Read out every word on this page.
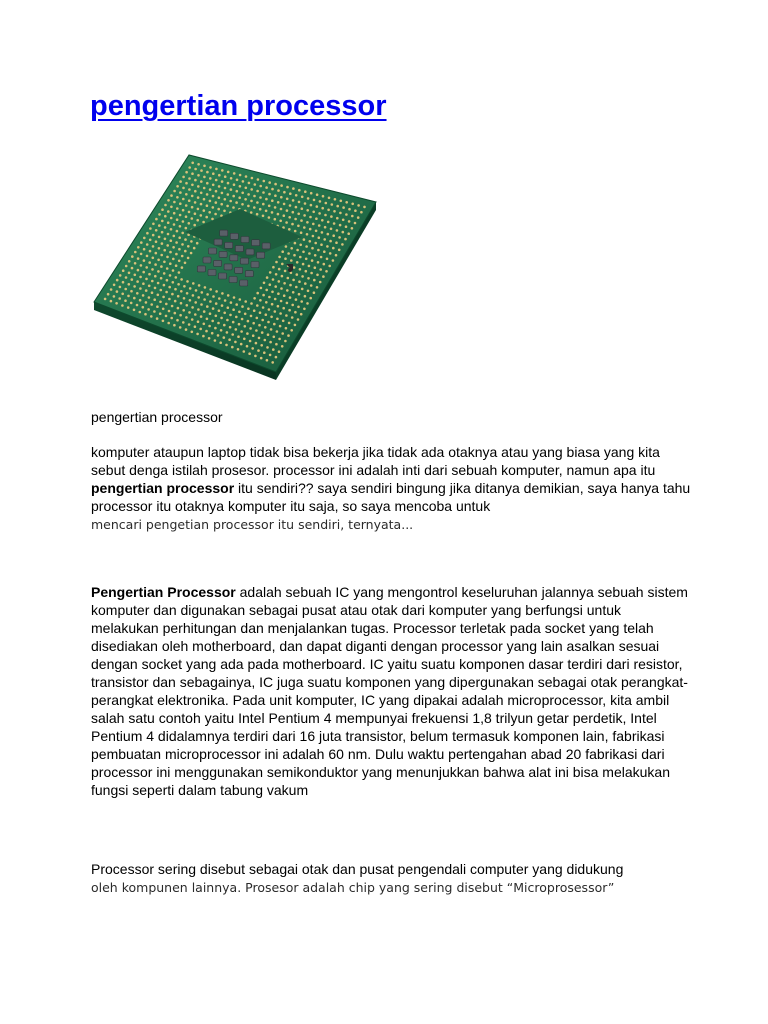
pengertian processor
pengertian processor

komputer ataupun laptop tidak bisa bekerja jika tidak ada otaknya atau yang biasa yang kita sebut denga istilah prosesor. processor ini adalah inti dari sebuah komputer, namun apa itu pengertian processor itu sendiri?? saya sendiri bingung jika ditanya demikian, saya hanya tahu processor itu otaknya komputer itu saja, so saya mencoba untuk
mencari pengetian processor itu sendiri, ternyata...

Pengertian Processor adalah sebuah IC yang mengontrol keseluruhan jalannya sebuah sistem komputer dan digunakan sebagai pusat atau otak dari komputer yang berfungsi untuk melakukan perhitungan dan menjalankan tugas. Processor terletak pada socket yang telah disediakan oleh motherboard, dan dapat diganti dengan processor yang lain asalkan sesuai dengan socket yang ada pada motherboard. IC yaitu suatu komponen dasar terdiri dari resistor, transistor dan sebagainya, IC juga suatu komponen yang dipergunakan sebagai otak perangkat-perangkat elektronika. Pada unit komputer, IC yang dipakai adalah microprocessor, kita ambil salah satu contoh yaitu Intel Pentium 4 mempunyai frekuensi 1,8 trilyun getar perdetik, Intel Pentium 4 didalamnya terdiri dari 16 juta transistor, belum termasuk komponen lain, fabrikasi pembuatan microprocessor ini adalah 60 nm. Dulu waktu pertengahan abad 20 fabrikasi dari processor ini menggunakan semikonduktor yang menunjukkan bahwa alat ini bisa melakukan fungsi seperti dalam tabung vakum

Processor sering disebut sebagai otak dan pusat pengendali computer yang didukung
oleh kompunen lainnya. Prosesor adalah chip yang sering disebut “Microprosessor”
